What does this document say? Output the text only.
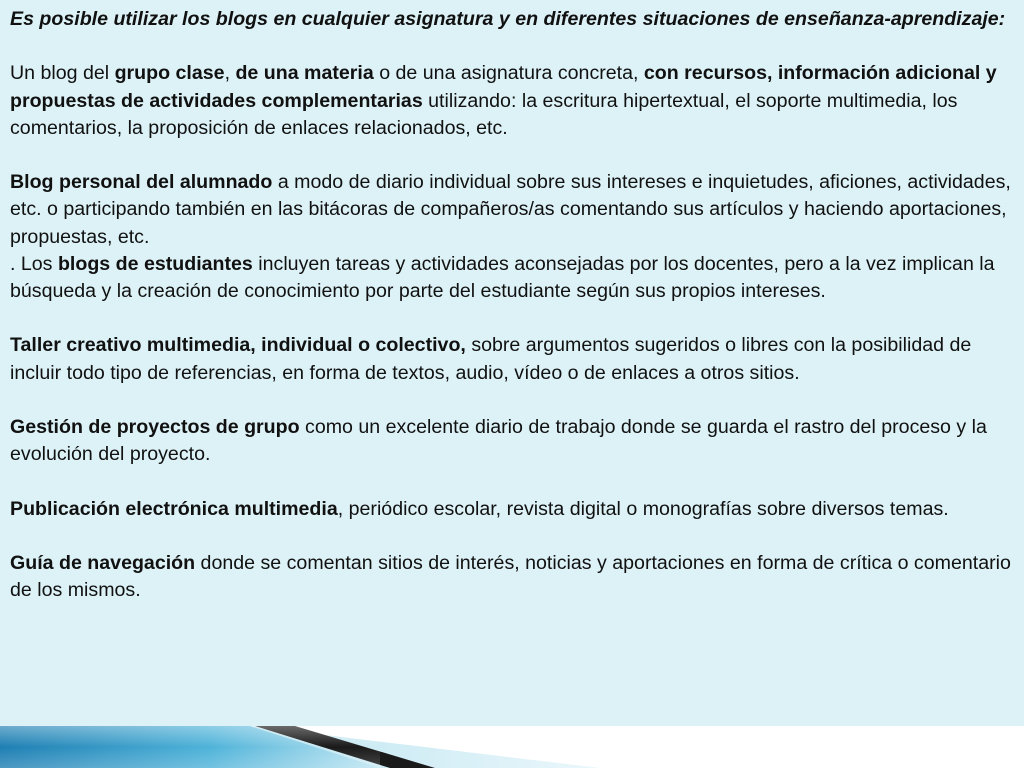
Es posible utilizar los blogs en cualquier asignatura y en diferentes situaciones de enseñanza-aprendizaje:

Un blog del grupo clase, de una materia o de una asignatura concreta, con recursos, información adicional y propuestas de actividades complementarias utilizando: la escritura hipertextual, el soporte multimedia, los comentarios, la proposición de enlaces relacionados, etc.

Blog personal del alumnado a modo de diario individual sobre sus intereses e inquietudes, aficiones, actividades, etc. o participando también en las bitácoras de compañeros/as comentando sus artículos y haciendo aportaciones, propuestas, etc.

. Los blogs de estudiantes incluyen tareas y actividades aconsejadas por los docentes, pero a la vez implican la búsqueda y la creación de conocimiento por parte del estudiante según sus propios intereses.

Taller creativo multimedia, individual o colectivo, sobre argumentos sugeridos o libres con la posibilidad de incluir todo tipo de referencias, en forma de textos, audio, vídeo o de enlaces a otros sitios.

Gestión de proyectos de grupo como un excelente diario de trabajo donde se guarda el rastro del proceso y la evolución del proyecto.

Publicación electrónica multimedia, periódico escolar, revista digital o monografías sobre diversos temas.

Guía de navegación donde se comentan sitios de interés, noticias y aportaciones en forma de crítica o comentario de los mismos.
